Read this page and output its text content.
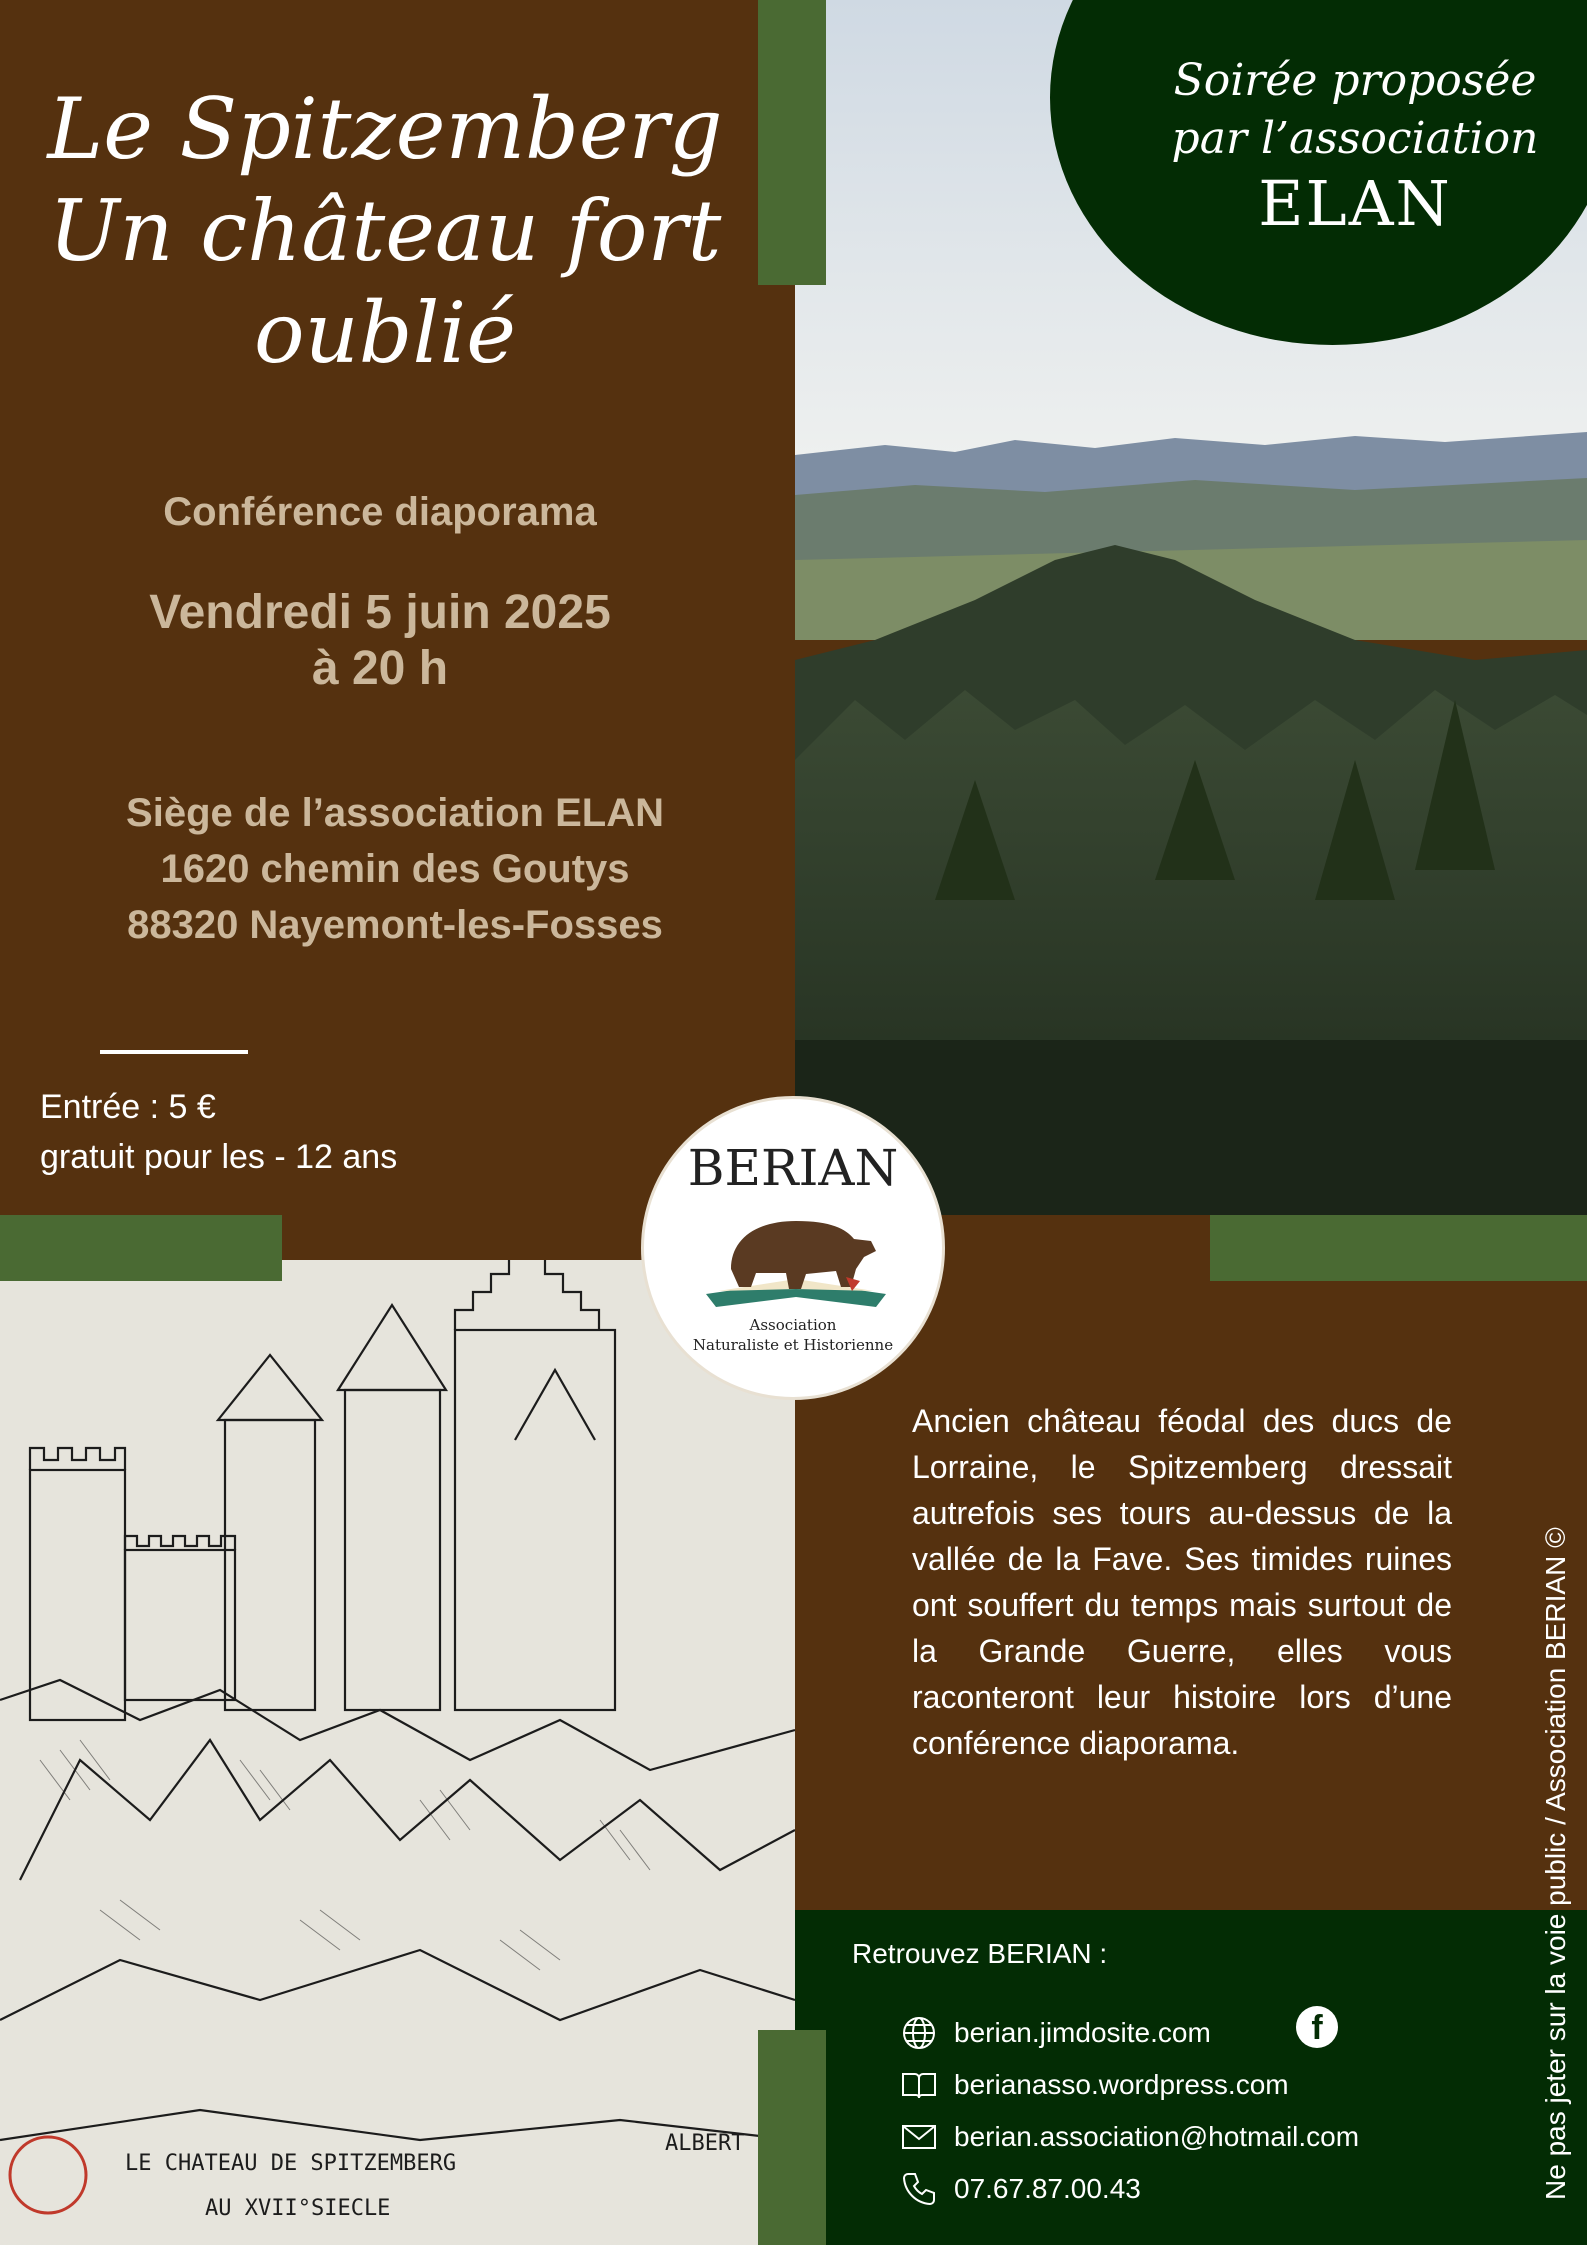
LE CHATEAU DE SPITZEMBERG
AU XVII°SIECLE
ALBERT
Soirée proposée
par l’association
ELAN
Le Spitzemberg
Un château fort
oublié
Conférence diaporama
Vendredi 5 juin 2025
à 20 h
Siège de l’association ELAN
1620 chemin des Goutys
88320 Nayemont-les-Fosses
Entrée : 5 €
gratuit pour les - 12 ans	BERIAN
Association
Naturaliste et Historienne
Ancien château féodal des ducs de Lorraine, le Spitzemberg dressait autrefois ses tours au-dessus de la vallée de la Fave. Ses timides ruines ont souffert du temps mais surtout de la Grande Guerre, elles vous raconteront leur histoire lors d’une conférence diaporama.
Retrouvez BERIAN :
berian.jimdosite.com	f
berianasso.wordpress.com
berian.association@hotmail.com
07.67.87.00.43	Ne pas jeter sur la voie public / Association BERIAN ©
